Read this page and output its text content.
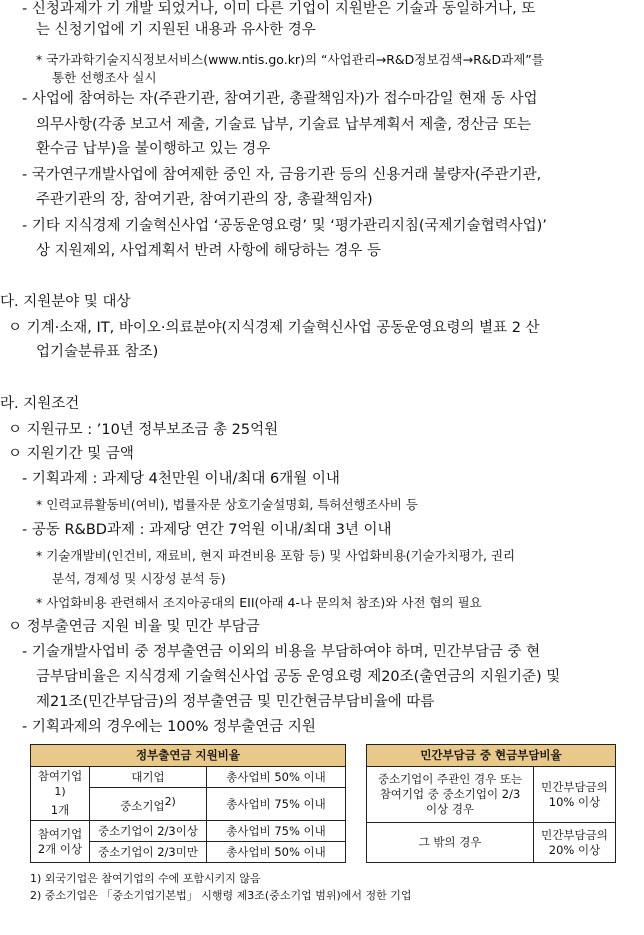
- 신청과제가 기 개발 되었거나, 이미 다른 기업이 지원받은 기술과 동일하거나, 또
는 신청기업에 기 지원된 내용과 유사한 경우
* 국가과학기술지식정보서비스(www.ntis.go.kr)의 “사업관리→R&D정보검색→R&D과제”를
통한 선행조사 실시
- 사업에 참여하는 자(주관기관, 참여기관, 총괄책임자)가 접수마감일 현재 동 사업
의무사항(각종 보고서 제출, 기술료 납부, 기술료 납부계획서 제출, 정산금 또는
환수금 납부)을 불이행하고 있는 경우
- 국가연구개발사업에 참여제한 중인 자, 금융기관 등의 신용거래 불량자(주관기관,
주관기관의 장, 참여기관, 참여기관의 장, 총괄책임자)
- 기타 지식경제 기술혁신사업 ‘공동운영요령’ 및 ‘평가관리지침(국제기술협력사업)’
상 지원제외, 사업계획서 반려 사항에 해당하는 경우 등
다. 지원분야 및 대상
ㅇ 기계·소재, IT, 바이오·의료분야(지식경제 기술혁신사업 공동운영요령의 별표 2 산
업기술분류표 참조)
라. 지원조건
ㅇ 지원규모 : ’10년 정부보조금 총 25억원
ㅇ 지원기간 및 금액
- 기획과제 : 과제당 4천만원 이내/최대 6개월 이내
* 인력교류활동비(여비), 법률자문 상호기술설명회, 특허선행조사비 등
- 공동 R&BD과제 : 과제당 연간 7억원 이내/최대 3년 이내
* 기술개발비(인건비, 재료비, 현지 파견비용 포함 등) 및 사업화비용(기술가치평가, 권리
분석, 경제성 및 시장성 분석 등)
* 사업화비용 관련해서 조지아공대의 EII(아래 4-나 문의처 참조)와 사전 협의 필요
ㅇ 정부출연금 지원 비율 및 민간 부담금
- 기술개발사업비 중 정부출연금 이외의 비용을 부담하여야 하며, 민간부담금 중 현
금부담비율은 지식경제 기술혁신사업 공동 운영요령 제20조(출연금의 지원기준) 및
제21조(민간부담금)의 정부출연금 및 민간현금부담비율에 따름
- 기획과제의 경우에는 100% 정부출연금 지원
정부출연금 지원비율		
참여기업$^{1)}$
1개	대기업	총사업비 50% 이내
	중소기업$^{2)}$	총사업비 75% 이내
참여기업
2개 이상	중소기업이 2/3이상	총사업비 75% 이내
	중소기업이 2/3미만	총사업비 50% 이내
민간부담금 중 현금부담비율	
중소기업이 주관인 경우 또는
참여기업 중 중소기업이 2/3
이상 경우	민간부담금의
10% 이상
그 밖의 경우	민간부담금의
20% 이상
1) 외국기업은 참여기업의 수에 포함시키지 않음
2) 중소기업은 「중소기업기본법」 시행령 제3조(중소기업 범위)에서 정한 기업
